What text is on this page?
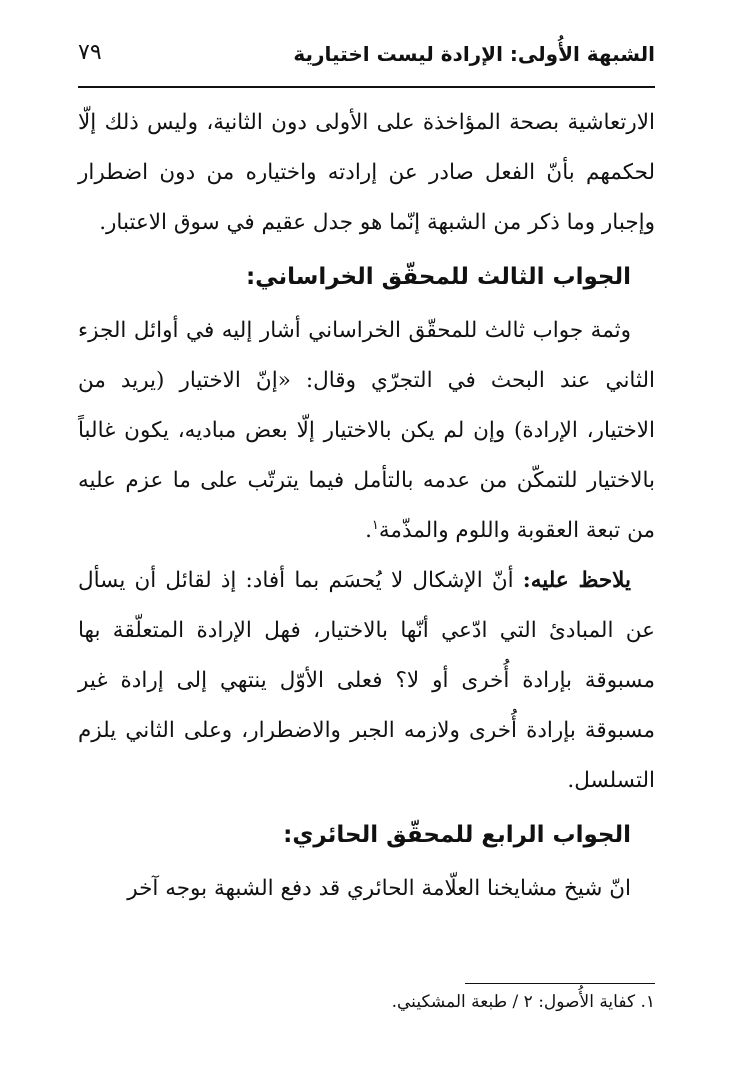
الشبهة الأُولى: الإرادة ليست اختيارية
٧٩

الارتعاشية بصحة المؤاخذة على الأولى دون الثانية، وليس ذلك إلّا لحكمهم بأنّ الفعل صادر عن إرادته واختياره من دون اضطرار وإجبار وما ذكر من الشبهة إنّما هو جدل عقيم في سوق الاعتبار.

الجواب الثالث للمحقّق الخراساني:

وثمة جواب ثالث للمحقّق الخراساني أشار إليه في أوائل الجزء الثاني عند البحث في التجرّي وقال: «إنّ الاختيار (يريد من الاختيار، الإرادة) وإن لم يكن بالاختيار إلّا بعض مباديه، يكون غالباً بالاختيار للتمكّن من عدمه بالتأمل فيما يترتّب على ما عزم عليه من تبعة العقوبة واللوم والمذّمة$^١$.

يلاحظ عليه: أنّ الإشكال لا يُحسَم بما أفاد: إذ لقائل أن يسأل عن المبادئ التي ادّعي أنّها بالاختيار، فهل الإرادة المتعلّقة بها مسبوقة بإرادة أُخرى أو لا؟ فعلى الأوّل ينتهي إلى إرادة غير مسبوقة بإرادة أُخرى ولازمه الجبر والاضطرار، وعلى الثاني يلزم التسلسل.

الجواب الرابع للمحقّق الحائري:

انّ شيخ مشايخنا العلّامة الحائري قد دفع الشبهة بوجه آخر

١. كفاية الأُصول: ٢ / طبعة المشكيني.
